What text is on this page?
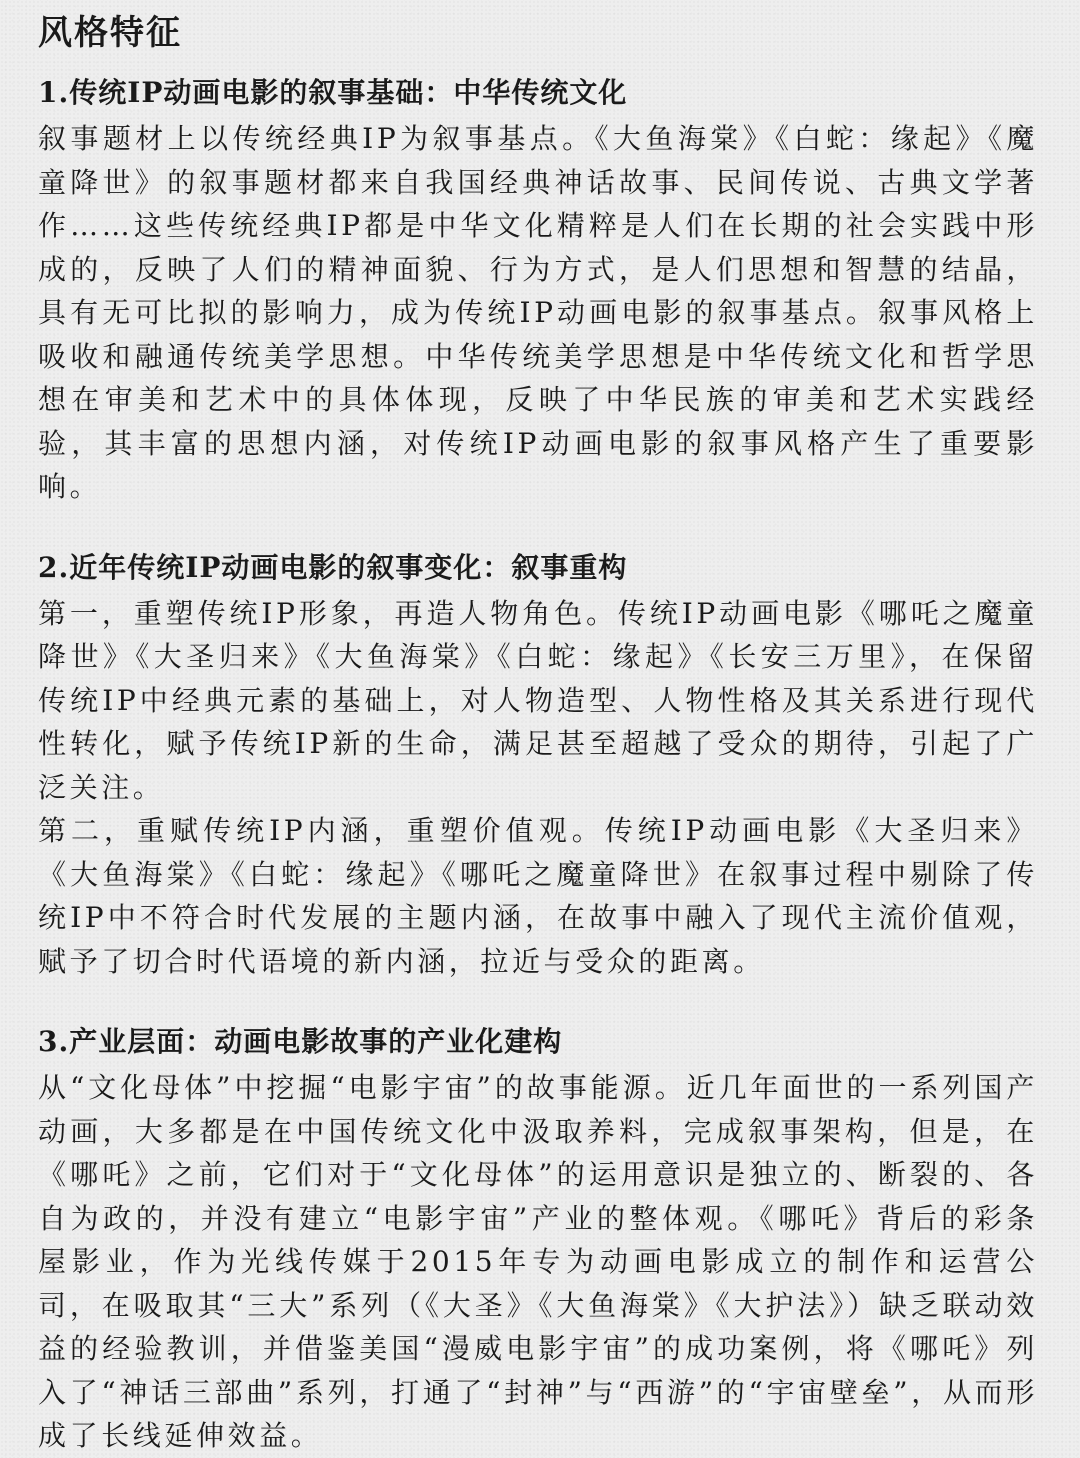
风格特征
1.传统IP动画电影的叙事基础：中华传统文化

叙事题材上以传统经典IP为叙事基点。《大鱼海棠》《白蛇：缘起》《魔童降世》的叙事题材都来自我国经典神话故事、民间传说、古典文学著作……这些传统经典IP都是中华文化精粹是人们在长期的社会实践中形成的，反映了人们的精神面貌、行为方式，是人们思想和智慧的结晶，具有无可比拟的影响力，成为传统IP动画电影的叙事基点。叙事风格上吸收和融通传统美学思想。中华传统美学思想是中华传统文化和哲学思想在审美和艺术中的具体体现，反映了中华民族的审美和艺术实践经验，其丰富的思想内涵，对传统IP动画电影的叙事风格产生了重要影响。

2.近年传统IP动画电影的叙事变化：叙事重构

第一，重塑传统IP形象，再造人物角色。传统IP动画电影《哪吒之魔童降世》《大圣归来》《大鱼海棠》《白蛇：缘起》《长安三万里》，在保留传统IP中经典元素的基础上，对人物造型、人物性格及其关系进行现代性转化，赋予传统IP新的生命，满足甚至超越了受众的期待，引起了广泛关注。

第二，重赋传统IP内涵，重塑价值观。传统IP动画电影《大圣归来》《大鱼海棠》《白蛇：缘起》《哪吒之魔童降世》在叙事过程中剔除了传统IP中不符合时代发展的主题内涵，在故事中融入了现代主流价值观，赋予了切合时代语境的新内涵，拉近与受众的距离。

3.产业层面：动画电影故事的产业化建构

从“文化母体”中挖掘“电影宇宙”的故事能源。近几年面世的一系列国产动画，大多都是在中国传统文化中汲取养料，完成叙事架构，但是，在《哪吒》之前，它们对于“文化母体”的运用意识是独立的、断裂的、各自为政的，并没有建立“电影宇宙”产业的整体观。《哪吒》背后的彩条屋影业，作为光线传媒于2015年专为动画电影成立的制作和运营公司，在吸取其“三大”系列（《大圣》《大鱼海棠》《大护法》）缺乏联动效益的经验教训，并借鉴美国“漫威电影宇宙”的成功案例，将《哪吒》列入了“神话三部曲”系列，打通了“封神”与“西游”的“宇宙壁垒”，从而形成了长线延伸效益。
